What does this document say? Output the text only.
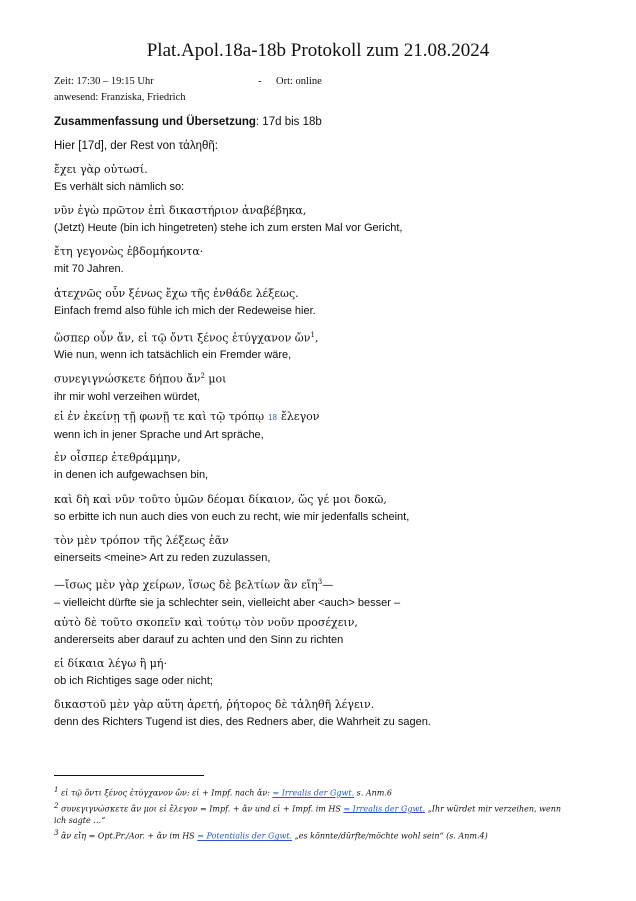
Plat.Apol.18a-18b Protokoll zum 21.08.2024
Zeit: 17:30 – 19:15 Uhr	- Ort: online
anwesend: Franziska, Friedrich
Zusammenfassung und Übersetzung: 17d bis 18b
Hier [17d], der Rest von τἀληθῆ:
ἔχει γὰρ οὑτωσί.
Es verhält sich nämlich so:
νῦν ἐγὼ πρῶτον ἐπὶ δικαστήριον ἀναβέβηκα,
(Jetzt) Heute (bin ich hingetreten) stehe ich zum ersten Mal vor Gericht,
ἔτη γεγονὼς ἑβδομήκοντα·
mit 70 Jahren.
ἀτεχνῶς οὖν ξένως ἔχω τῆς ἐνθάδε λέξεως.
Einfach fremd also fühle ich mich der Redeweise hier.
ὥσπερ οὖν ἄν, εἰ τῷ ὄντι ξένος ἐτύγχανον ὤν$^1$,
Wie nun, wenn ich tatsächlich ein Fremder wäre,
συνεγιγνώσκετε δήπου ἄν$^2$ μοι
ihr mir wohl verzeihen würdet,
εἰ ἐν ἐκείνῃ τῇ φωνῇ τε καὶ τῷ τρόπῳ 18 ἔλεγον
wenn ich in jener Sprache und Art spräche,
ἐν οἷσπερ ἐτεθράμμην,
in denen ich aufgewachsen bin,
καὶ δὴ καὶ νῦν τοῦτο ὑμῶν δέομαι δίκαιον, ὥς γέ μοι δοκῶ,
so erbitte ich nun auch dies von euch zu recht, wie mir jedenfalls scheint,
τὸν μὲν τρόπον τῆς λέξεως ἐᾶν
einerseits <meine> Art zu reden zuzulassen,
—ἴσως μὲν γὰρ χείρων, ἴσως δὲ βελτίων ἂν εἴη$^3$—
– vielleicht dürfte sie ja schlechter sein, vielleicht aber <auch> besser –
αὐτὸ δὲ τοῦτο σκοπεῖν καὶ τούτῳ τὸν νοῦν προσέχειν,
andererseits aber darauf zu achten und den Sinn zu richten
εἰ δίκαια λέγω ἢ μή·
ob ich Richtiges sage oder nicht;
δικαστοῦ μὲν γὰρ αὕτη ἀρετή, ῥήτορος δὲ τἀληθῆ λέγειν.
denn des Richters Tugend ist dies, des Redners aber, die Wahrheit zu sagen.

$^1$ εἰ τῷ ὄντι ξένος ἐτύγχανον ὤν: εἰ + Impf. nach ἄν: = Irrealis der Ggwt. s. Anm.6

$^2$ συνεγιγνώσκετε ἂν μοι εἰ ἔλεγον = Impf. + ἄν und εἰ + Impf. im HS = Irrealis der Ggwt. „Ihr würdet mir verzeihen, wenn ich sagte …“

$^3$ ἂν εἴη = Opt.Pr./Aor. + ἄν im HS = Potentialis der Ggwt. „es könnte/dürfte/möchte wohl sein“ (s. Anm.4)
